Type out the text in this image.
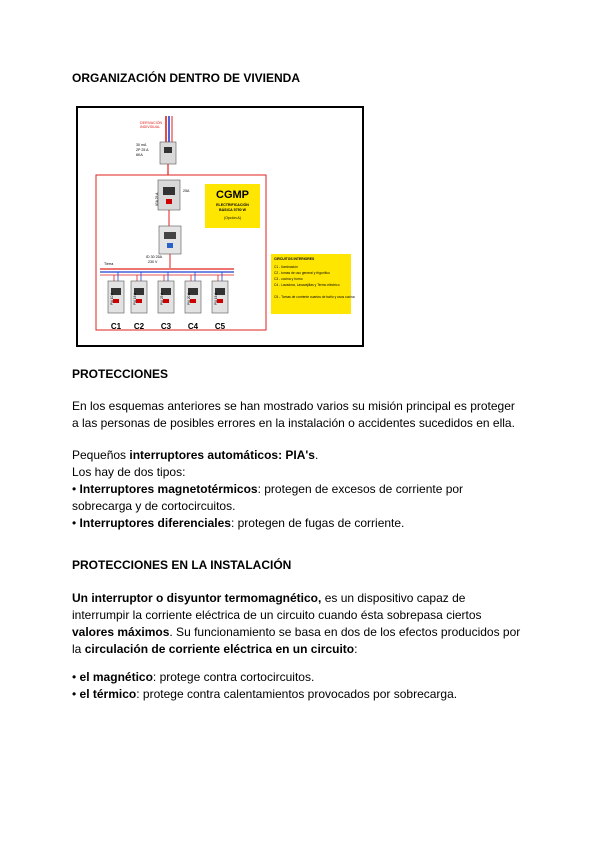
ORGANIZACIÓN DENTRO DE VIVIENDA
DERIVACIÓN
INDIVIDUAL
30 mA
2P 25 A
6KA
IGA 25 A
25A CGMP
ELECTRIFICACIÓN
BÁSICA 5750 W
(Opción A)
ID 30 25A
230 V
Tierra
PIA 10 A
C1
PIA 16 A
C2
PIA 25 A
C3
PIA 20 A
C4
PIA 16 A
C5
CIRCUITOS INTERIORES
C1 - Iluminación
C2 - tomas de uso general y frigorífico
C3 - cocina y horno
C4 - Lavadora, Lavavajillas y Termo eléctrico
C5 - Tomas de corriente cuartos de baño y usos cocina
PROTECCIONES
En los esquemas anteriores se han mostrado varios su misión principal es proteger
a las personas de posibles errores en la instalación o accidentes sucedidos en ella.
Pequeños interruptores automáticos: PIA's.
Los hay de dos tipos:
• Interruptores magnetotérmicos: protegen de excesos de corriente por
sobrecarga y de cortocircuitos.
• Interruptores diferenciales: protegen de fugas de corriente.
PROTECCIONES EN LA INSTALACIÓN
Un interruptor o disyuntor termomagnético, es un dispositivo capaz de
interrumpir la corriente eléctrica de un circuito cuando ésta sobrepasa ciertos
valores máximos. Su funcionamiento se basa en dos de los efectos producidos por
la circulación de corriente eléctrica en un circuito:
• el magnético: protege contra cortocircuitos.
• el térmico: protege contra calentamientos provocados por sobrecarga.
